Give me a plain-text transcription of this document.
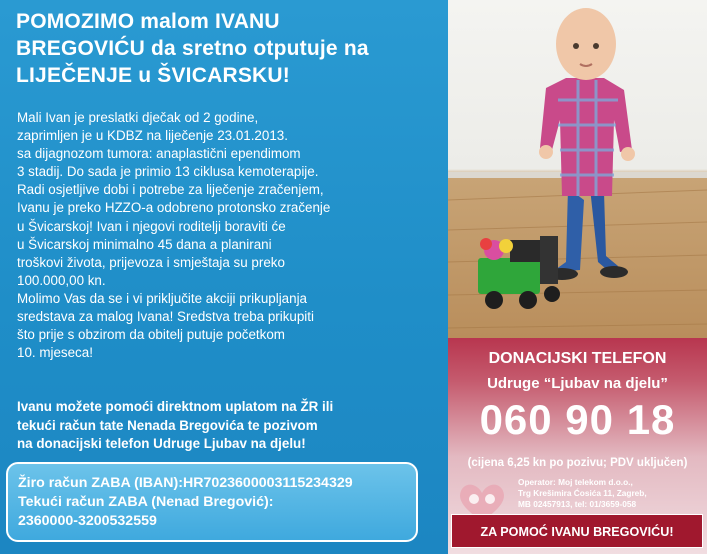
POMOZIMO malom IVANU
BREGOVIĆU da sretno otputuje na
LIJEČENJE u ŠVICARSKU!
Mali Ivan je preslatki dječak od 2 godine,
zaprimljen je u KDBZ na liječenje 23.01.2013.
sa dijagnozom tumora: anaplastični ependimom
3 stadij. Do sada je primio 13 ciklusa kemoterapije.
Radi osjetljive dobi i potrebe za liječenje zračenjem,
Ivanu je preko HZZO-a odobreno protonsko zračenje
u Švicarskoj! Ivan i njegovi roditelji boraviti će
u Švicarskoj minimalno 45 dana a planirani
troškovi života, prijevoza i smještaja su preko
100.000,00 kn.
Molimo Vas da se i vi priključite akciji prikupljanja
sredstava za malog Ivana! Sredstva treba prikupiti
što prije s obzirom da obitelj putuje početkom
10. mjeseca!
Ivanu možete pomoći direktnom uplatom na ŽR ili
tekući račun tate Nenada Bregovića te pozivom
na donacijski telefon Udruge Ljubav na djelu!
Žiro račun ZABA (IBAN):HR7023600003115234329
Tekući račun ZABA (Nenad Bregović):
2360000-3200532559
DONACIJSKI TELEFON
Udruge “Ljubav na djelu”
060 90 18
(cijena 6,25 kn po pozivu; PDV uključen)
Operator: Moj telekom d.o.o.,
Trg Krešimira Ćosića 11, Zagreb,
MB 02457913, tel: 01/3659-058
ZA POMOĆ IVANU BREGOVIĆU!
